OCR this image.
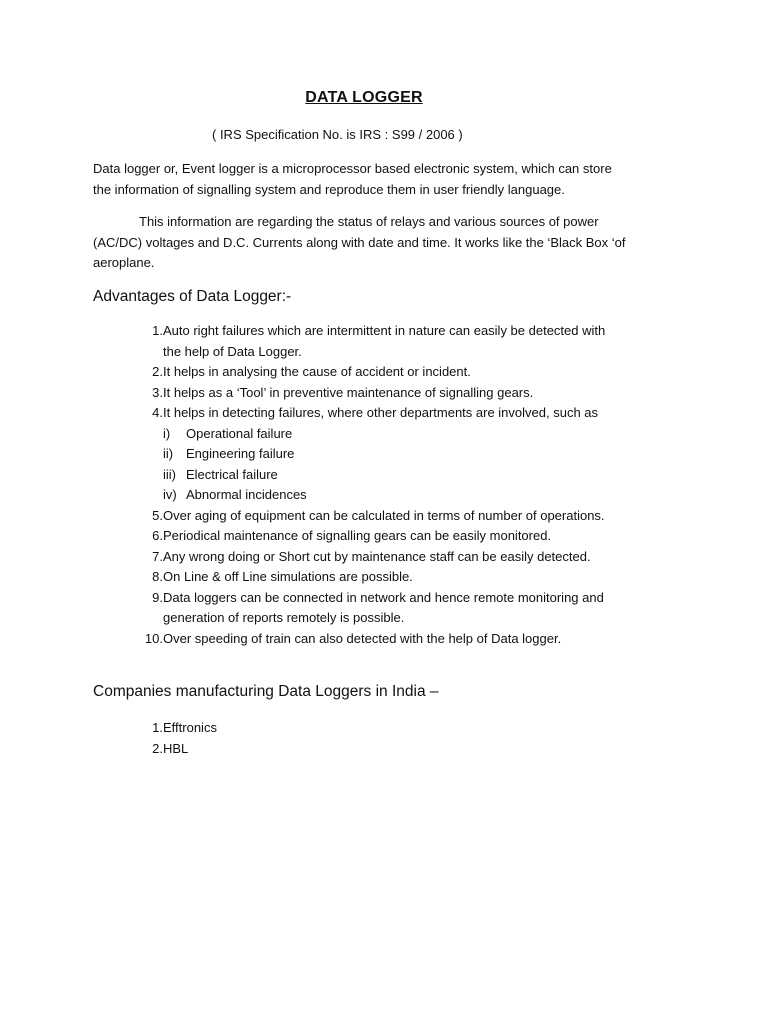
DATA LOGGER
( IRS Specification No. is IRS : S99 / 2006 )
Data logger or, Event logger is a microprocessor based electronic system, which can store
the information of signalling system and reproduce them in user friendly language.
This information are regarding the status of relays and various sources of power
(AC/DC) voltages and D.C. Currents along with date and time. It works like the ‘Black Box ‘of
aeroplane.
Advantages of Data Logger:-
1. Auto right failures which are intermittent in nature can easily be detected with
the help of Data Logger.
2. It helps in analysing the cause of accident or incident.
3. It helps as a ‘Tool’ in preventive maintenance of signalling gears.
4. It helps in detecting failures, where other departments are involved, such as
i)	Operational failure
ii) Engineering failure
iii) Electrical failure
iv) Abnormal incidences
5. Over aging of equipment can be calculated in terms of number of operations.
6. Periodical maintenance of signalling gears can be easily monitored.
7. Any wrong doing or Short cut by maintenance staff can be easily detected.
8. On Line & off Line simulations are possible.
9. Data loggers can be connected in network and hence remote monitoring and
generation of reports remotely is possible.
10. Over speeding of train can also detected with the help of Data logger.
Companies manufacturing Data Loggers in India –
1. Efftronics
2. HBL
